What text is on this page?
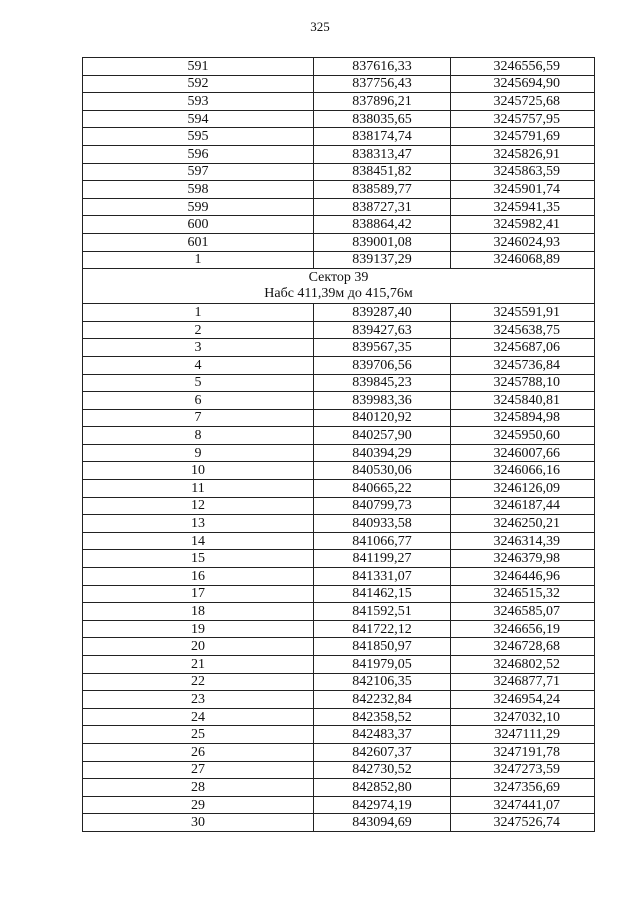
325
591	837616,33	3246556,59
592	837756,43	3245694,90
593	837896,21	3245725,68
594	838035,65	3245757,95
595	838174,74	3245791,69
596	838313,47	3245826,91
597	838451,82	3245863,59
598	838589,77	3245901,74
599	838727,31	3245941,35
600	838864,42	3245982,41
601	839001,08	3246024,93
1	839137,29	3246068,89

Сектор 39
Набс 411,39м до 415,76м		

1	839287,40	3245591,91
2	839427,63	3245638,75
3	839567,35	3245687,06
4	839706,56	3245736,84
5	839845,23	3245788,10
6	839983,36	3245840,81
7	840120,92	3245894,98
8	840257,90	3245950,60
9	840394,29	3246007,66
10	840530,06	3246066,16
11	840665,22	3246126,09
12	840799,73	3246187,44
13	840933,58	3246250,21
14	841066,77	3246314,39
15	841199,27	3246379,98
16	841331,07	3246446,96
17	841462,15	3246515,32
18	841592,51	3246585,07
19	841722,12	3246656,19
20	841850,97	3246728,68
21	841979,05	3246802,52
22	842106,35	3246877,71
23	842232,84	3246954,24
24	842358,52	3247032,10
25	842483,37	3247111,29
26	842607,37	3247191,78
27	842730,52	3247273,59
28	842852,80	3247356,69
29	842974,19	3247441,07
30	843094,69	3247526,74
